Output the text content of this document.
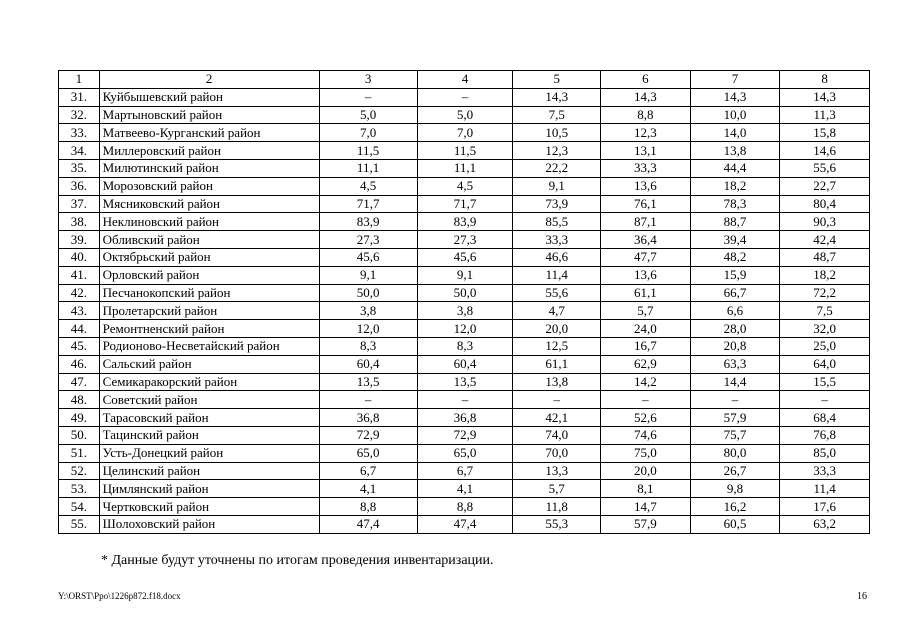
1	2	3	4	5	6	7	8
31.	Куйбышевский район	–	–	14,3	14,3	14,3	14,3
32.	Мартыновский район	5,0	5,0	7,5	8,8	10,0	11,3
33.	Матвеево-Курганский район	7,0	7,0	10,5	12,3	14,0	15,8
34.	Миллеровский район	11,5	11,5	12,3	13,1	13,8	14,6
35.	Милютинский район	11,1	11,1	22,2	33,3	44,4	55,6
36.	Морозовский район	4,5	4,5	9,1	13,6	18,2	22,7
37.	Мясниковский район	71,7	71,7	73,9	76,1	78,3	80,4
38.	Неклиновский район	83,9	83,9	85,5	87,1	88,7	90,3
39.	Обливский район	27,3	27,3	33,3	36,4	39,4	42,4
40.	Октябрьский район	45,6	45,6	46,6	47,7	48,2	48,7
41.	Орловский район	9,1	9,1	11,4	13,6	15,9	18,2
42.	Песчанокопский район	50,0	50,0	55,6	61,1	66,7	72,2
43.	Пролетарский район	3,8	3,8	4,7	5,7	6,6	7,5
44.	Ремонтненский район	12,0	12,0	20,0	24,0	28,0	32,0
45.	Родионово-Несветайский район	8,3	8,3	12,5	16,7	20,8	25,0
46.	Сальский район	60,4	60,4	61,1	62,9	63,3	64,0
47.	Семикаракорский район	13,5	13,5	13,8	14,2	14,4	15,5
48.	Советский район	–	–	–	–	–	–
49.	Тарасовский район	36,8	36,8	42,1	52,6	57,9	68,4
50.	Тацинский район	72,9	72,9	74,0	74,6	75,7	76,8
51.	Усть-Донецкий район	65,0	65,0	70,0	75,0	80,0	85,0
52.	Целинский район	6,7	6,7	13,3	20,0	26,7	33,3
53.	Цимлянский район	4,1	4,1	5,7	8,1	9,8	11,4
54.	Чертковский район	8,8	8,8	11,8	14,7	16,2	17,6
55.	Шолоховский район	47,4	47,4	55,3	57,9	60,5	63,2
* Данные будут уточнены по итогам проведения инвентаризации.
Y:\ORST\Ppo\1226p872.f18.docx	16
